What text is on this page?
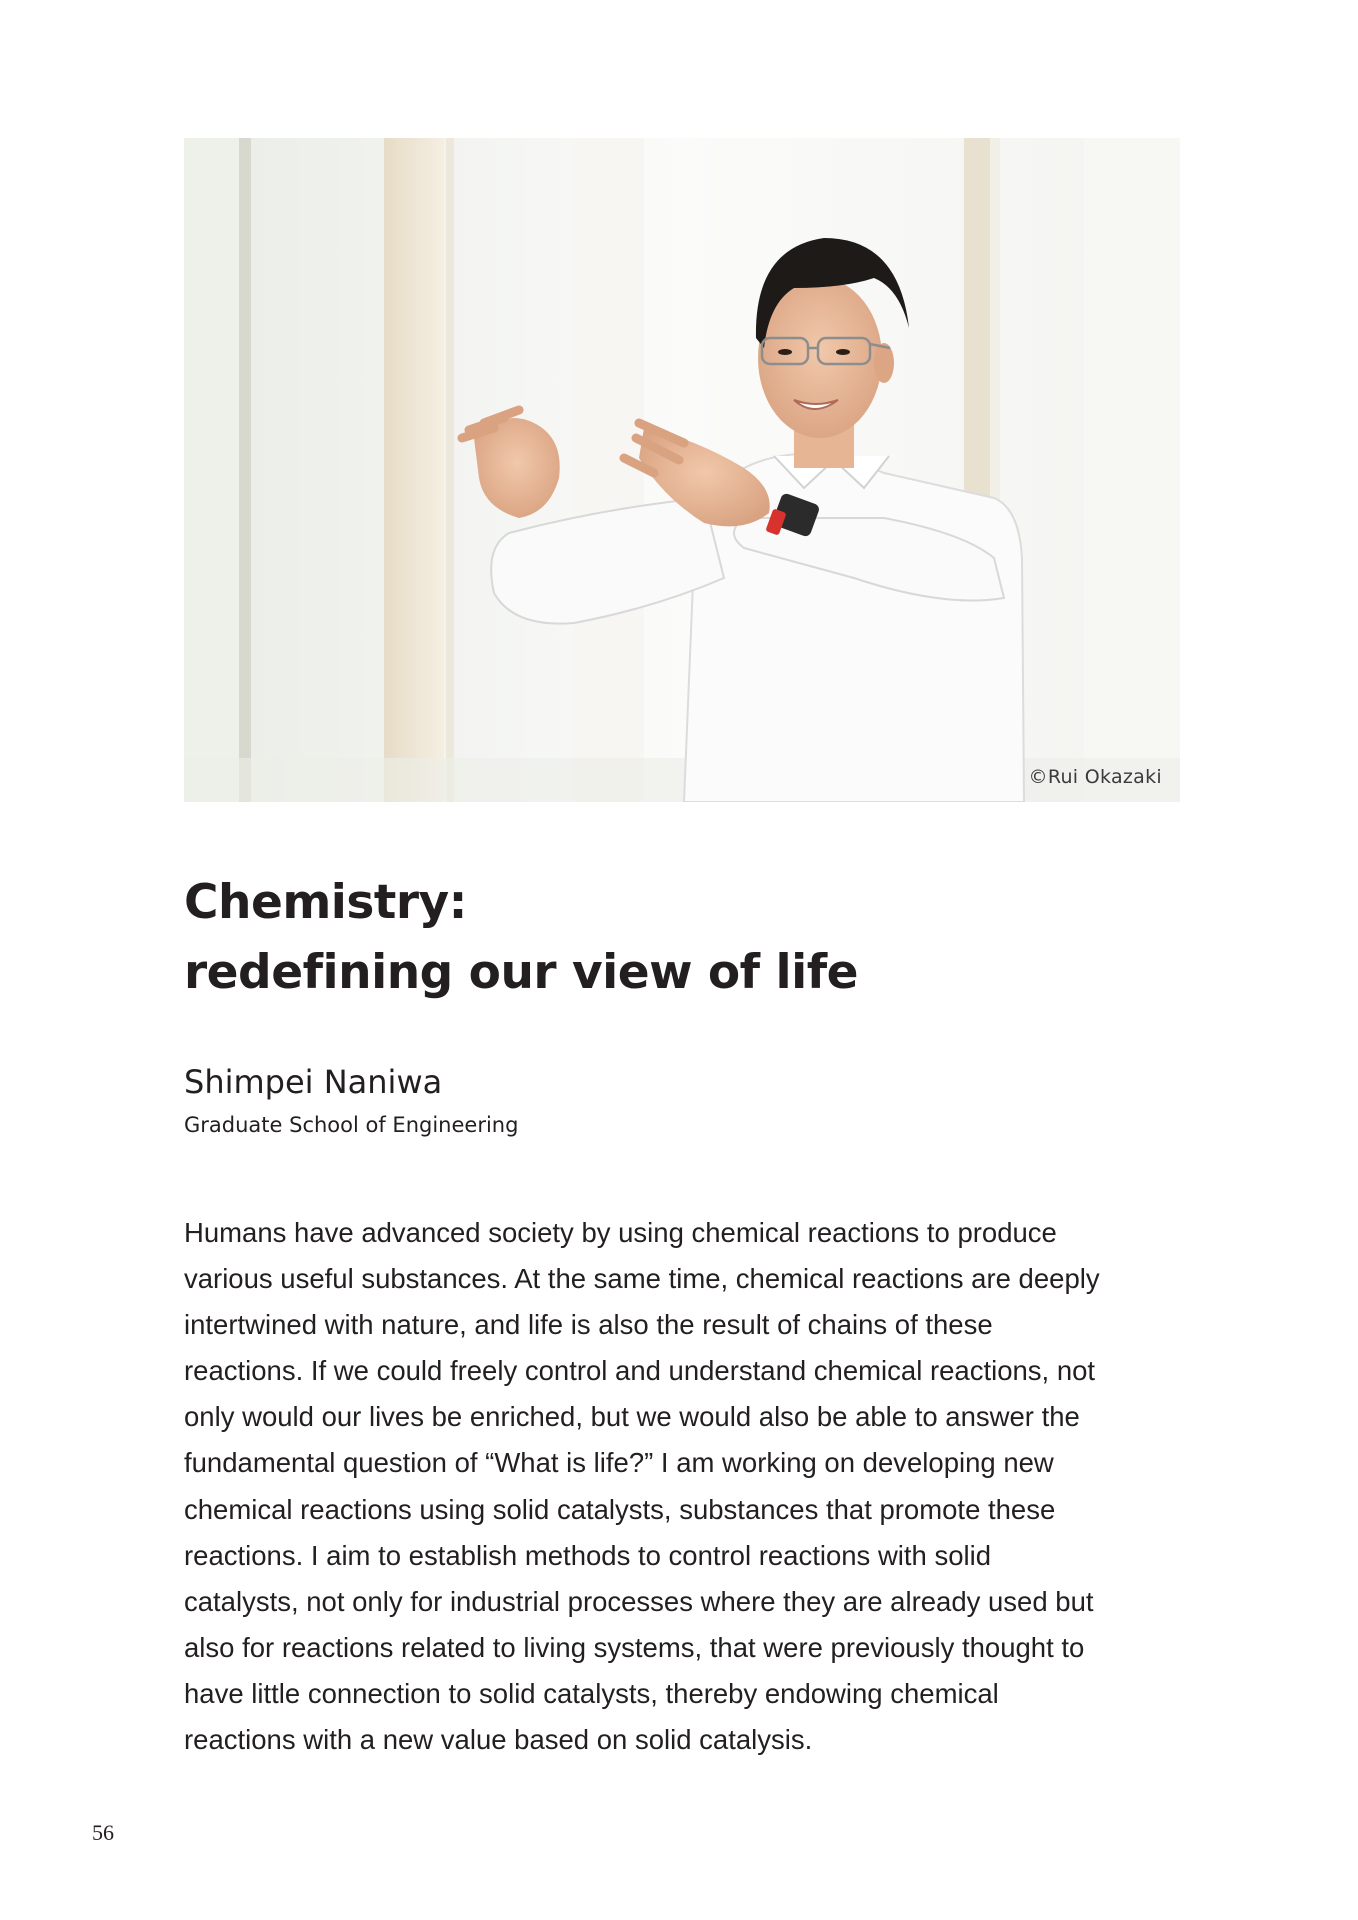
©Rui Okazaki
Chemistry:
redefining our view of life
Shimpei Naniwa
Graduate School of Engineering

Humans have advanced society by using chemical reactions to produce
various useful substances. At the same time, chemical reactions are deeply
intertwined with nature, and life is also the result of chains of these
reactions. If we could freely control and understand chemical reactions, not
only would our lives be enriched, but we would also be able to answer the
fundamental question of “What is life?” I am working on developing new
chemical reactions using solid catalysts, substances that promote these
reactions. I aim to establish methods to control reactions with solid
catalysts, not only for industrial processes where they are already used but
also for reactions related to living systems, that were previously thought to
have little connection to solid catalysts, thereby endowing chemical
reactions with a new value based on solid catalysis.

56
